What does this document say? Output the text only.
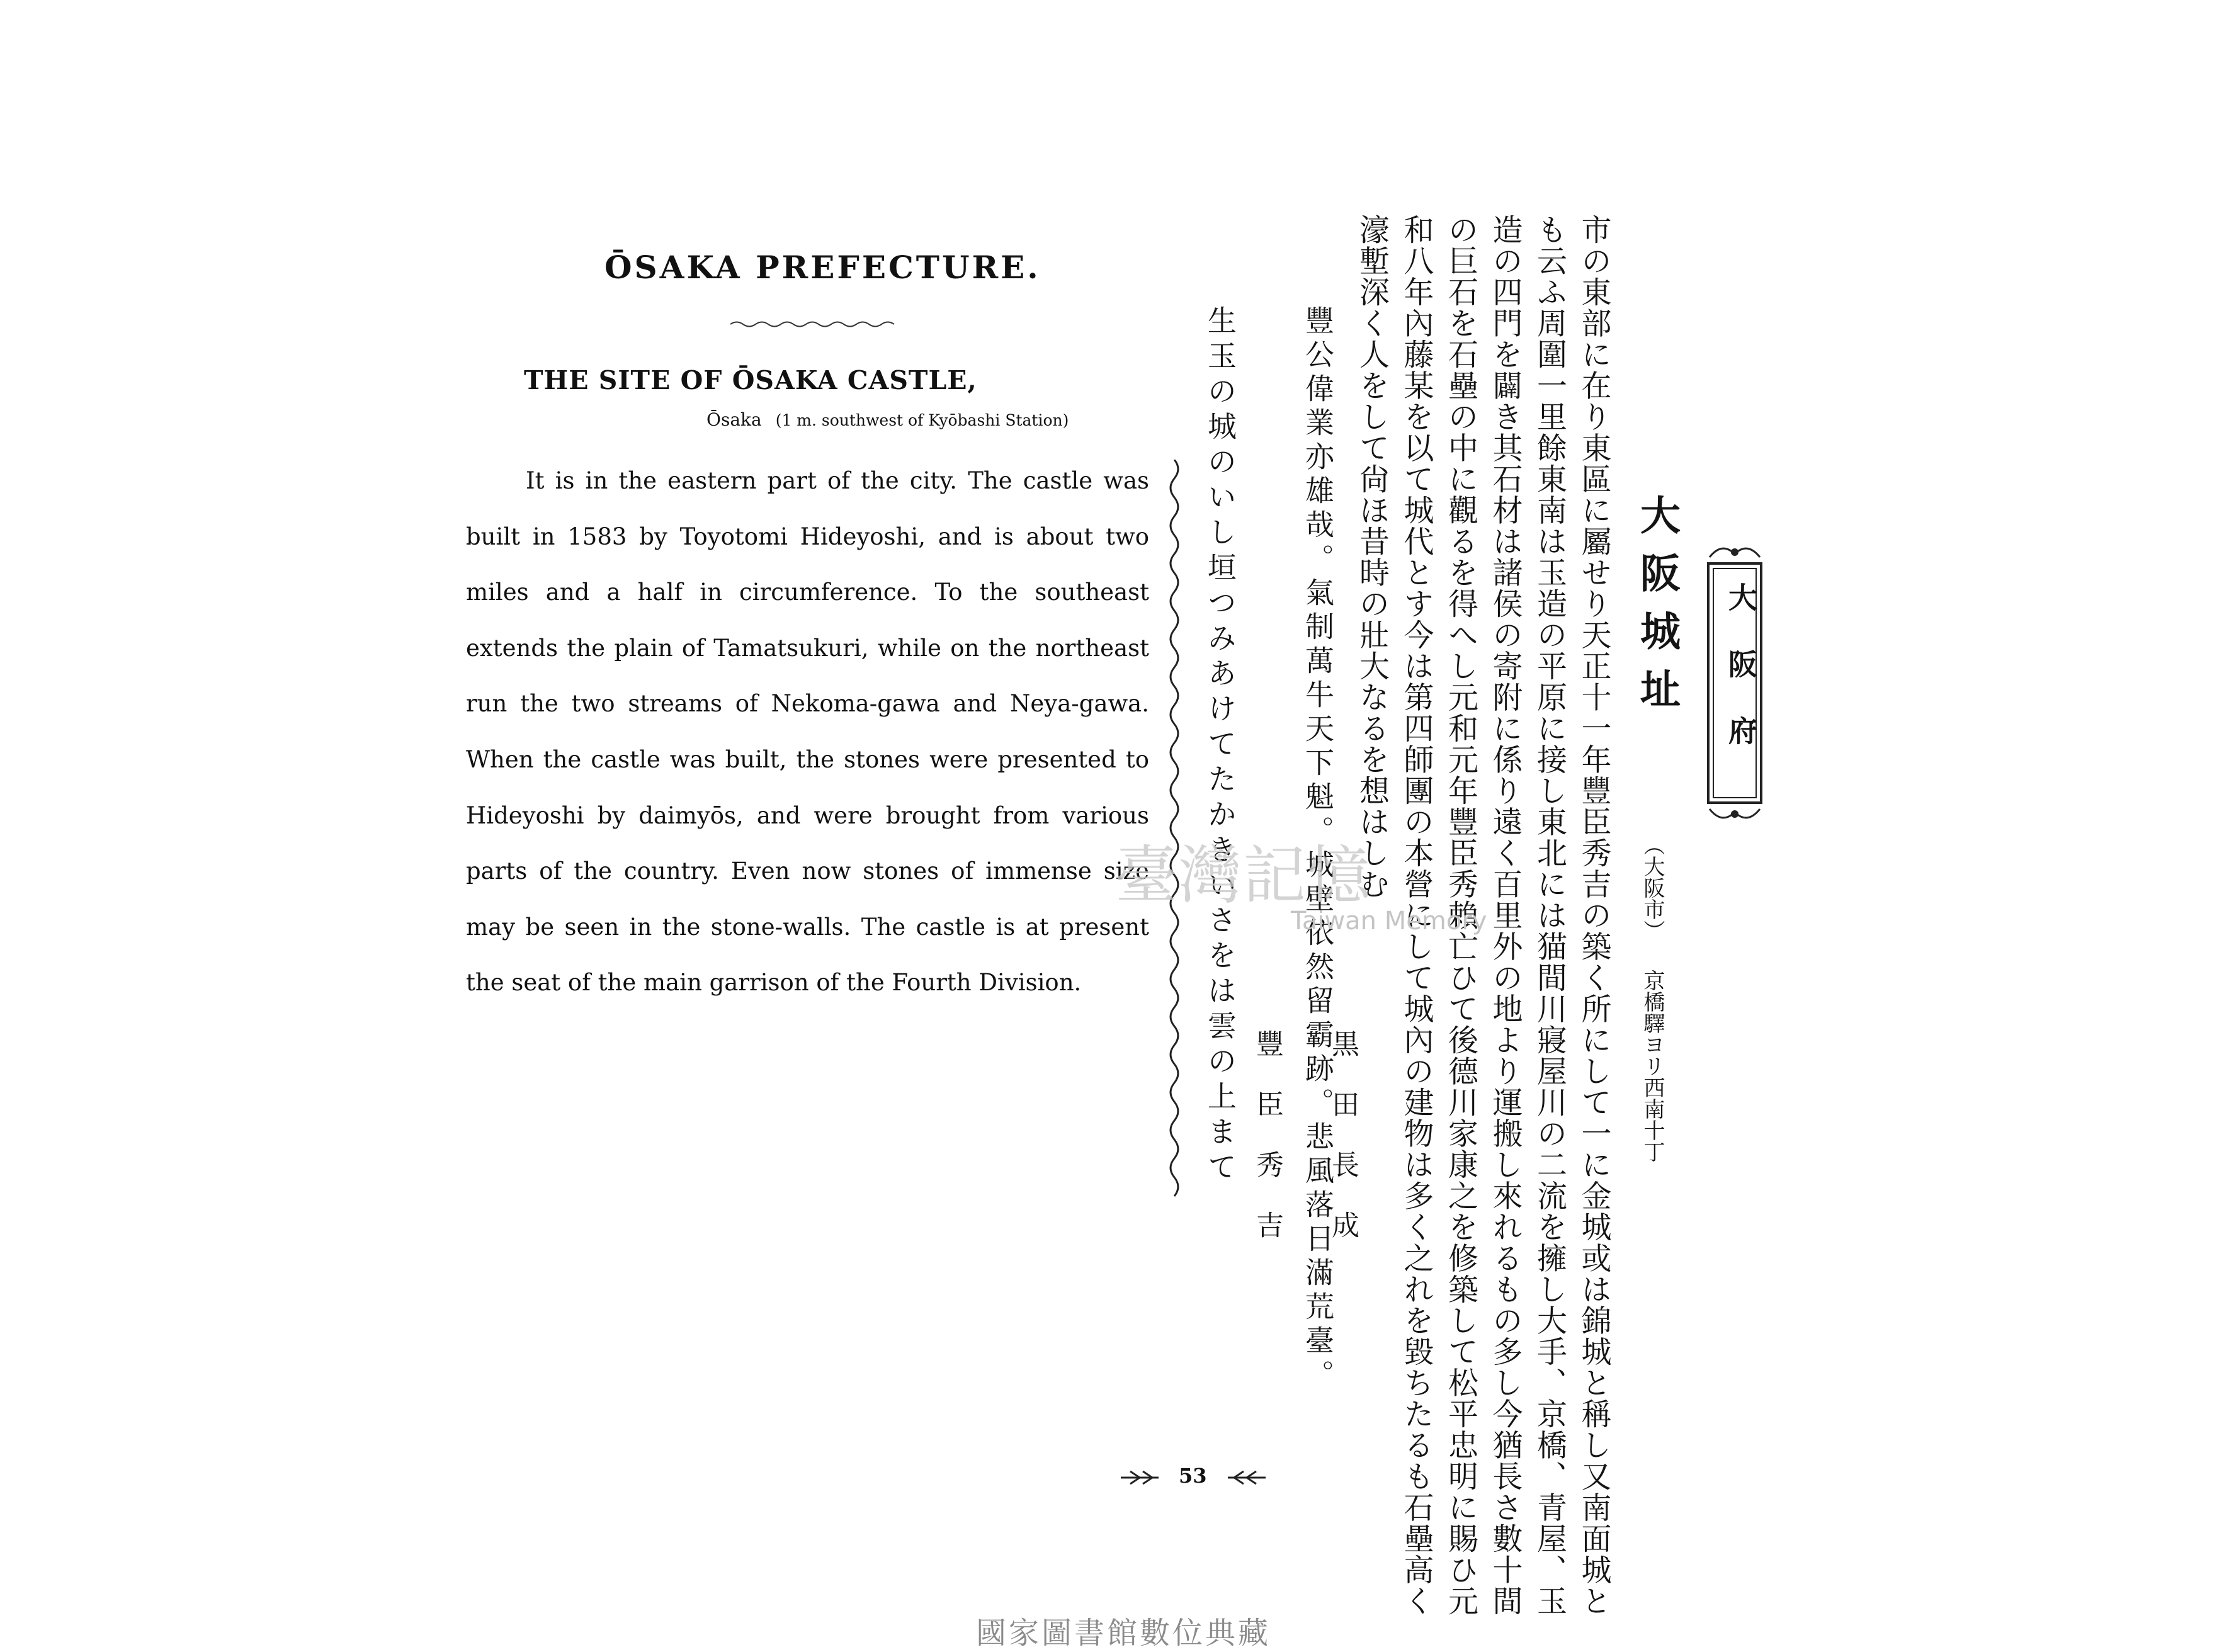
ŌSAKA PREFECTURE.
THE SITE OF ŌSAKA CASTLE,
Ōsaka (1 m. southwest of Kyōbashi Station)

It is in the eastern part of the city. The castle was built in 1583 by Toyotomi Hideyoshi, and is about two miles and a half in circumference. To the southeast extends the plain of Tamatsukuri, while on the northeast run the two streams of Nekoma-gawa and Neya-gawa. When the castle was built, the stones were presented to Hideyoshi by daimyōs, and were brought from various parts of the country. Even now stones of immense size may be seen in the stone-walls. The castle is at present the seat of the main garrison of the Fourth Division.

大阪府
大阪城址
（大阪市）
京橋驛ヨリ西南十丁
市の東部に在り東區に屬せり天正十一年豐臣秀吉の築く所にして一に金城或は錦城と稱し又南面城と
も云ふ周圍一里餘東南は玉造の平原に接し東北には猫間川寢屋川の二流を擁し大手、京橋、青屋、玉
造の四門を闢き其石材は諸侯の寄附に係り遠く百里外の地より運搬し來れるもの多し今猶長さ數十間
の巨石を石壘の中に觀るを得へし元和元年豐臣秀賴亡ひて後德川家康之を修築して松平忠明に賜ひ元
和八年內藤某を以て城代とす今は第四師團の本營にして城內の建物は多く之れを毀ちたるも石壘高く
濠塹深く人をして尙ほ昔時の壯大なるを想はしむ
豐公偉業亦雄哉。氣制萬牛天下魁。城壁依然留霸跡。悲風落日滿荒臺。
黒田長成
生玉の城のいし垣つみあけてたかきいさをは雲の上まて 豐臣秀吉
53
臺灣記憶
Taiwan Memory
國家圖書館數位典藏
